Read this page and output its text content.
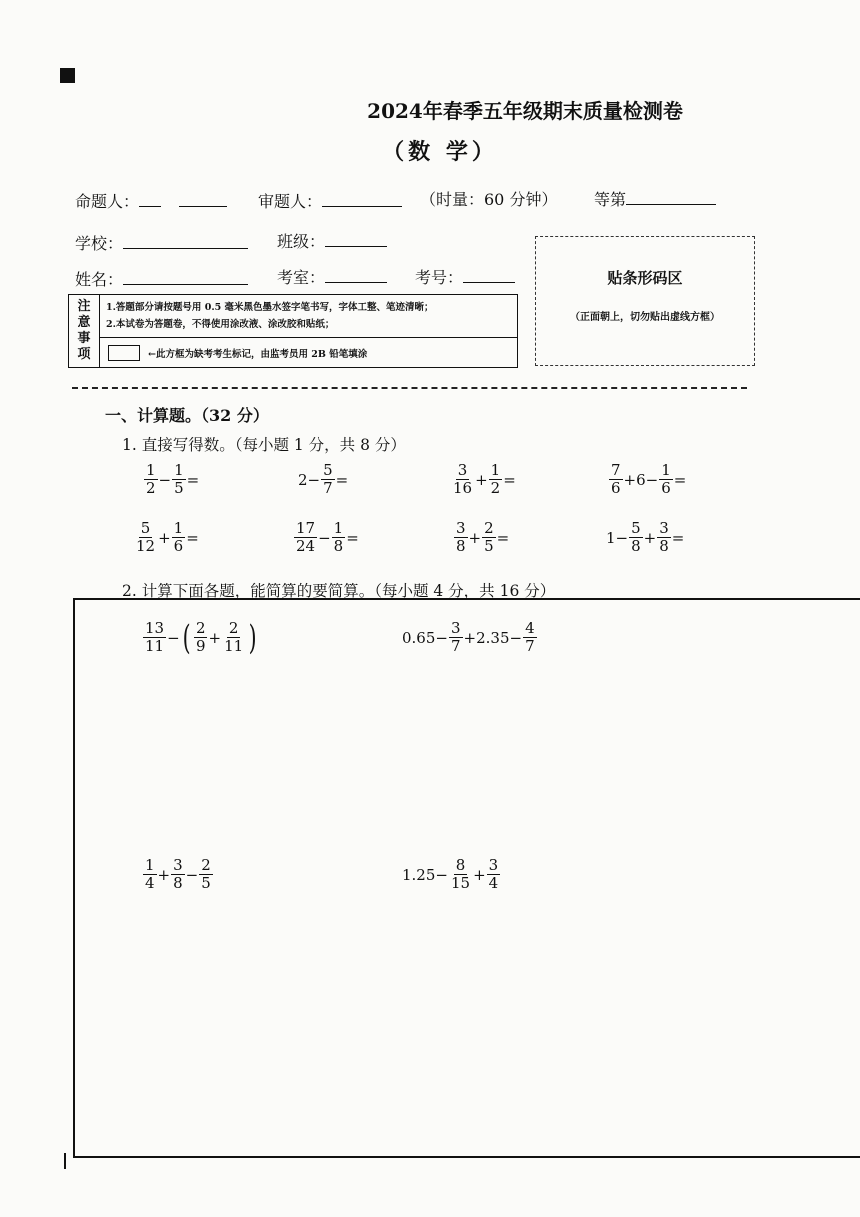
2024年春季五年级期末质量检测卷
（数 学）
命题人：	审题人：	（时量：60 分钟） 等第
学校：	班级：
姓名：	考室：	考号：	贴条形码区
（正面朝上，切勿贴出虚线方框）
注
意
事
项
1.答题部分请按题号用 0.5 毫米黑色墨水签字笔书写，字体工整、笔迹清晰；
2.本试卷为答题卷，不得使用涂改液、涂改胶和贴纸；
←此方框为缺考考生标记，由监考员用 2B 铅笔填涂
一、计算题。（32 分）
1. 直接写得数。（每小题 1 分，共 8 分）
$\frac{1}{2} - \frac{1}{5}$ =	$2 - \frac{5}{7}$ =	$\frac{3}{16} + \frac{1}{2}$ =	$\frac{7}{6} +6- \frac{1}{6}$ =
$\frac{5}{12} + \frac{1}{6}$ =	$\frac{17}{24} - \frac{1}{8}$ =	$\frac{3}{8} + \frac{2}{5}$ =	$1 - \frac{5}{8} + \frac{3}{8}$ =
2. 计算下面各题，能简算的要简算。（每小题 4 分，共 16 分）
$\frac{13}{11}$ − ( $\frac{2}{9} + \frac{2}{11}$ )	$0.65 - \frac{3}{7} +2.35- \frac{4}{7}$
$\frac{1}{4} + \frac{3}{8} - \frac{2}{5}$	$1.25 - \frac{8}{15} + \frac{3}{4}$
